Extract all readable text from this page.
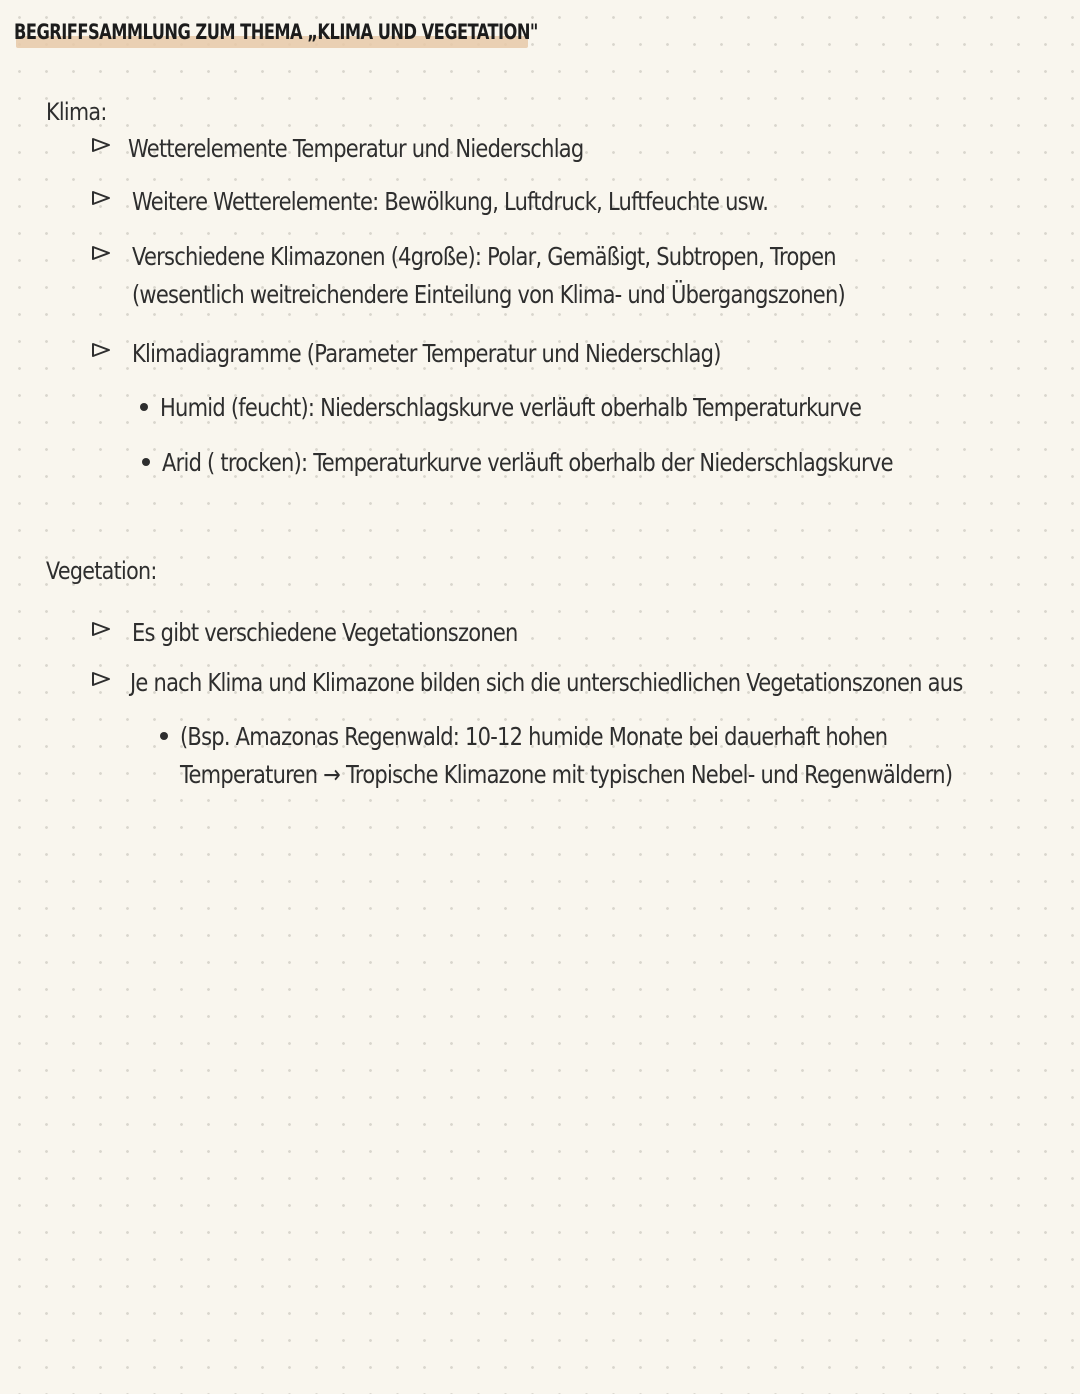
BEGRIFFSAMMLUNG ZUM THEMA „KLIMA UND VEGETATION"
Klima:
Wetterelemente Temperatur und Niederschlag
Weitere Wetterelemente: Bewölkung, Luftdruck, Luftfeuchte usw.
Verschiedene Klimazonen (4große): Polar, Gemäßigt, Subtropen, Tropen
(wesentlich weitreichendere Einteilung von Klima- und Übergangszonen)
Klimadiagramme (Parameter Temperatur und Niederschlag)
Humid (feucht): Niederschlagskurve verläuft oberhalb Temperaturkurve
Arid ( trocken): Temperaturkurve verläuft oberhalb der Niederschlagskurve
Vegetation:
Es gibt verschiedene Vegetationszonen
Je nach Klima und Klimazone bilden sich die unterschiedlichen Vegetationszonen aus
(Bsp. Amazonas Regenwald: 10-12 humide Monate bei dauerhaft hohen
Temperaturen → Tropische Klimazone mit typischen Nebel- und Regenwäldern)
